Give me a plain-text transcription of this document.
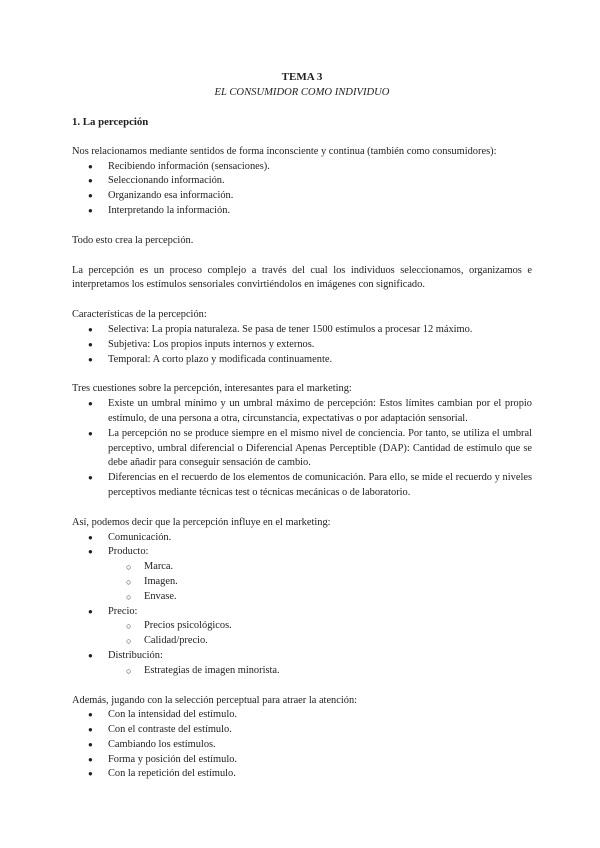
TEMA 3
EL CONSUMIDOR COMO INDIVIDUO
1. La percepción

Nos relacionamos mediante sentidos de forma inconsciente y continua (también como consumidores):

● Recibiendo información (sensaciones).
● Seleccionando información.
● Organizando esa información.
● Interpretando la información.

Todo esto crea la percepción.

La percepción es un proceso complejo a través del cual los individuos seleccionamos, organizamos e interpretamos los estímulos sensoriales convirtiéndolos en imágenes con significado.

Características de la percepción:

● Selectiva: La propia naturaleza. Se pasa de tener 1500 estímulos a procesar 12 máximo.
● Subjetiva: Los propios inputs internos y externos.
● Temporal: A corto plazo y modificada continuamente.

Tres cuestiones sobre la percepción, interesantes para el marketing:

● Existe un umbral mínimo y un umbral máximo de percepción: Estos límites cambian por el propio estímulo, de una persona a otra, circunstancia, expectativas o por adaptación sensorial.
● La percepción no se produce siempre en el mismo nivel de conciencia. Por tanto, se utiliza el umbral perceptivo, umbral diferencial o Diferencial Apenas Perceptible (DAP): Cantidad de estímulo que se debe añadir para conseguir sensación de cambio.
● Diferencias en el recuerdo de los elementos de comunicación. Para ello, se mide el recuerdo y niveles perceptivos mediante técnicas test o técnicas mecánicas o de laboratorio.

Así, podemos decir que la percepción influye en el marketing:

● Comunicación.
● Producto:
○ Marca.
○ Imagen.
○ Envase.
● Precio:
○ Precios psicológicos.
○ Calidad/precio.
● Distribución:
○ Estrategias de imagen minorista.

Además, jugando con la selección perceptual para atraer la atención:

● Con la intensidad del estímulo.
● Con el contraste del estímulo.
● Cambiando los estímulos.
● Forma y posición del estímulo.
● Con la repetición del estímulo.
